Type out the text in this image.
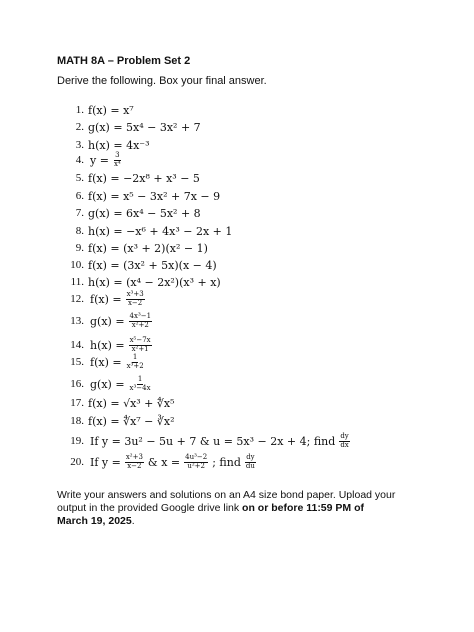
MATH 8A – Problem Set 2
Derive the following. Box your final answer.
1. f(x) = x⁷
2. g(x) = 5x⁴ − 3x² + 7
3. h(x) = 4x⁻³
4. $y = \frac{3}{\text{x⁴}}$
5. f(x) = −2x⁸ + x³ − 5
6. f(x) = x⁵ − 3x² + 7x − 9
7. g(x) = 6x⁴ − 5x² + 8
8. h(x) = −x⁶ + 4x³ − 2x + 1
9. f(x) = (x³ + 2)(x² − 1)
10. f(x) = (3x² + 5x)(x − 4)
11. h(x) = (x⁴ − 2x²)(x³ + x)
12. $f(x) = \frac{\text{x³+3}}{x-2}$
13. $g(x) = \frac{\text{4x³−1}}{\text{x²+2}}$
14. $h(x) = \frac{\text{x⁵−7x}}{\text{x²+1}}$
15. $f(x) = \frac{1}{\text{x³+2}}$
16. $g(x) = \frac{1}{\text{x³−4x}}$
17. f(x) = √x³ + ∜x⁵
18. f(x) = ∜x⁷ − ∛x²
19. If y = 3u² − 5u + 7 & u = 5x³ − 2x + 4; find $\frac{dy}{dx}$
20. If $y = \frac{\text{x²+3}}{x-2}$ & $x = \frac{\text{4u³−2}}{\text{u²+2}}$ ; find $\frac{dy}{du}$
Write your answers and solutions on an A4 size bond paper. Upload your output in the provided Google drive link on or before 11:59 PM of March 19, 2025.
